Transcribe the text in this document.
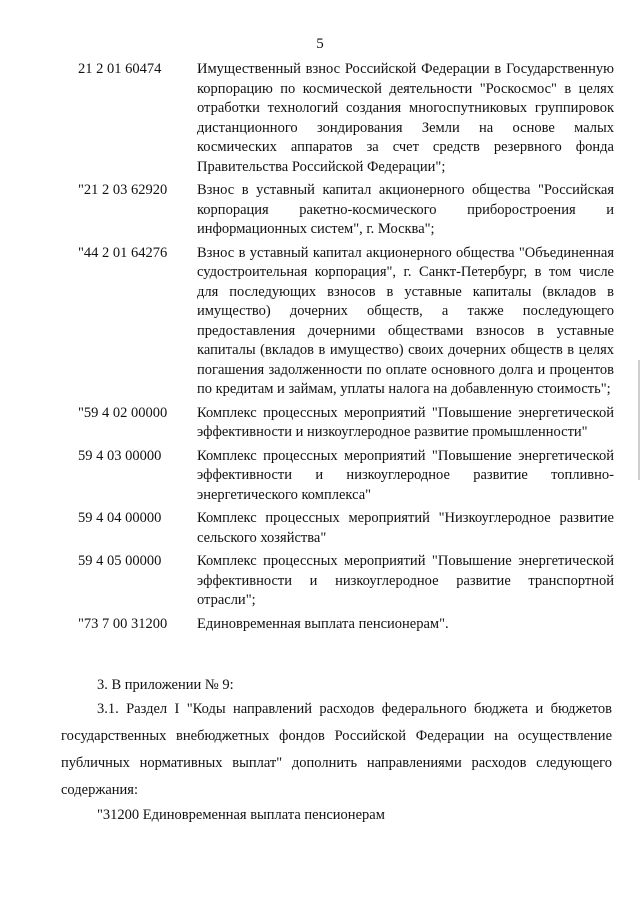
5
21 2 01 60474 Имущественный взнос Российской Федерации в Государственную корпорацию по космической деятельности "Роскосмос" в целях отработки технологий создания многоспутниковых группировок дистанционного зондирования Земли на основе малых космических аппаратов за счет средств резервного фонда Правительства Российской Федерации";
"21 2 03 62920 Взнос в уставный капитал акционерного общества "Российская корпорация ракетно-космического приборостроения и информационных систем", г. Москва";
"44 2 01 64276 Взнос в уставный капитал акционерного общества "Объединенная судостроительная корпорация", г. Санкт-Петербург, в том числе для последующих взносов в уставные капиталы (вкладов в имущество) дочерних обществ, а также последующего предоставления дочерними обществами взносов в уставные капиталы (вкладов в имущество) своих дочерних обществ в целях погашения задолженности по оплате основного долга и процентов по кредитам и займам, уплаты налога на добавленную стоимость";
"59 4 02 00000 Комплекс процессных мероприятий "Повышение энергетической эффективности и низкоуглеродное развитие промышленности"
59 4 03 00000 Комплекс процессных мероприятий "Повышение энергетической эффективности и низкоуглеродное развитие топливно-энергетического комплекса"
59 4 04 00000 Комплекс процессных мероприятий "Низкоуглеродное развитие сельского хозяйства"
59 4 05 00000 Комплекс процессных мероприятий "Повышение энергетической эффективности и низкоуглеродное развитие транспортной отрасли";
"73 7 00 31200 Единовременная выплата пенсионерам".
3. В приложении № 9:
3.1. Раздел I "Коды направлений расходов федерального бюджета и бюджетов государственных внебюджетных фондов Российской Федерации на осуществление публичных нормативных выплат" дополнить направлениями расходов следующего содержания:
"31200 Единовременная выплата пенсионерам
